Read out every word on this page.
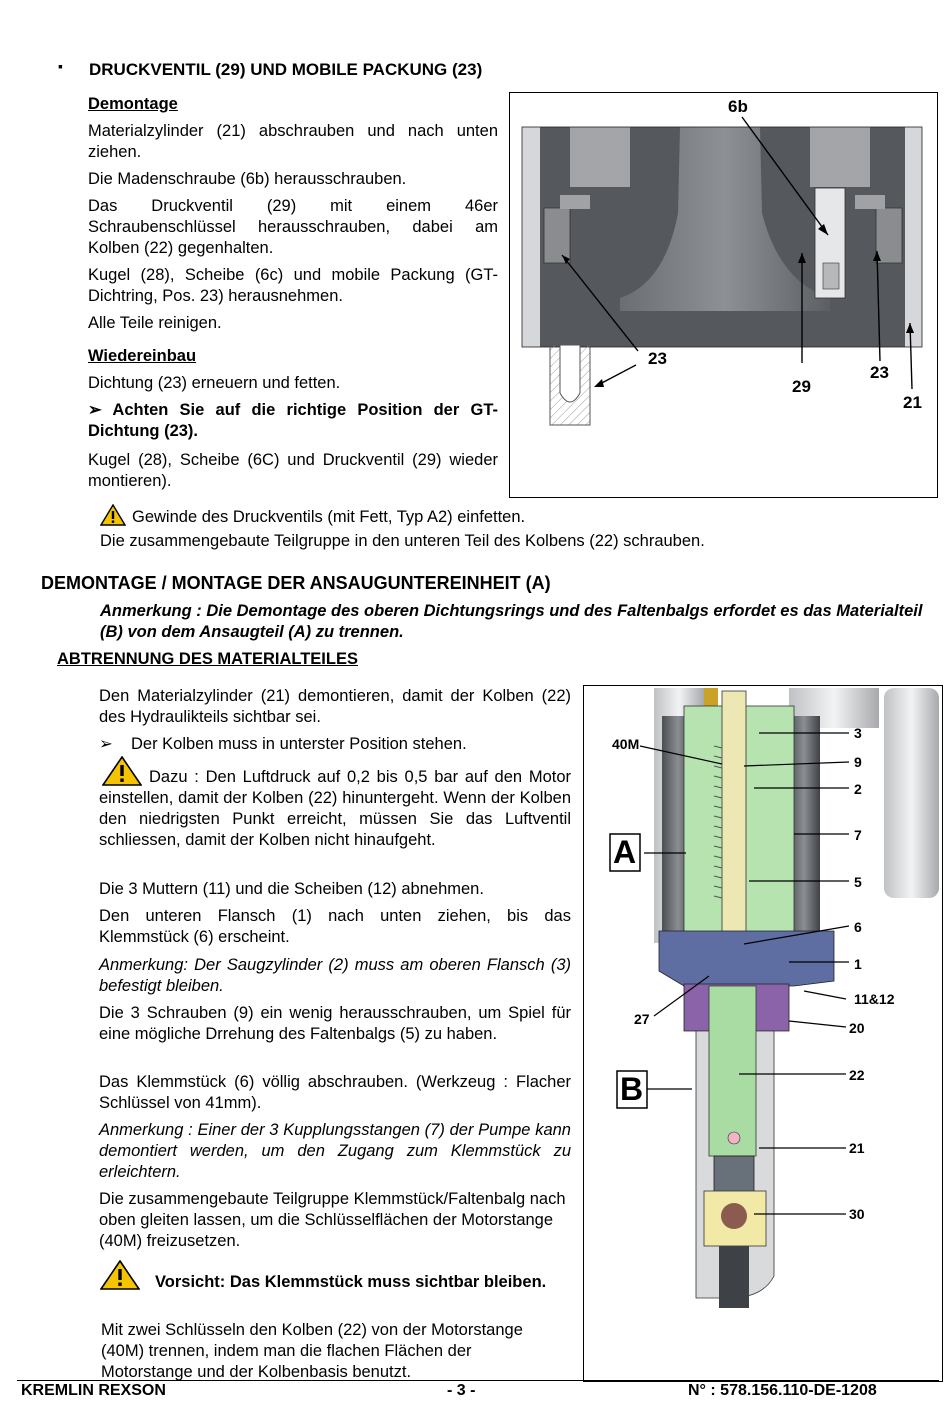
▪ DRUCKVENTIL (29) UND MOBILE PACKUNG (23)
Demontage
Materialzylinder (21) abschrauben und nach unten ziehen.
Die Madenschraube (6b) herausschrauben.
Das Druckventil (29) mit einem 46er Schraubenschlüssel herausschrauben, dabei am Kolben (22) gegenhalten.
Kugel (28), Scheibe (6c) und mobile Packung (GT-Dichtring, Pos. 23) herausnehmen.
Alle Teile reinigen.
Wiedereinbau
Dichtung (23) erneuern und fetten.
➢ Achten Sie auf die richtige Position der GT-Dichtung (23).
Kugel (28), Scheibe (6C) und Druckventil (29) wieder montieren).
Gewinde des Druckventils (mit Fett, Typ A2) einfetten.
Die zusammengebaute Teilgruppe in den unteren Teil des Kolbens (22) schrauben.
6b
23
29
23
21
DEMONTAGE / MONTAGE DER ANSAUGUNTEREINHEIT (A)
Anmerkung : Die Demontage des oberen Dichtungsrings und des Faltenbalgs erfordet es das Materialteil (B) von dem Ansaugteil (A) zu trennen.
ABTRENNUNG DES MATERIALTEILES
Den Materialzylinder (21) demontieren, damit der Kolben (22) des Hydraulikteils sichtbar sei.
➢	Der Kolben muss in unterster Position stehen.
Dazu : Den Luftdruck auf 0,2 bis 0,5 bar auf den Motor einstellen, damit der Kolben (22) hinuntergeht. Wenn der Kolben den niedrigsten Punkt erreicht, müssen Sie das Luftventil schliessen, damit der Kolben nicht hinaufgeht.
Die 3 Muttern (11) und die Scheiben (12) abnehmen.
Den unteren Flansch (1) nach unten ziehen, bis das Klemmstück (6) erscheint.
Anmerkung: Der Saugzylinder (2) muss am oberen Flansch (3) befestigt bleiben.
Die 3 Schrauben (9) ein wenig herausschrauben, um Spiel für eine mögliche Drrehung des Faltenbalgs (5) zu haben.
Das Klemmstück (6) völlig abschrauben. (Werkzeug : Flacher Schlüssel von 41mm).
Anmerkung : Einer der 3 Kupplungsstangen (7) der Pumpe kann demontiert werden, um den Zugang zum Klemmstück zu erleichtern.
Die zusammengebaute Teilgruppe Klemmstück/Faltenbalg nach oben gleiten lassen, um die Schlüsselflächen der Motorstange (40M) freizusetzen.
Vorsicht: Das Klemmstück muss sichtbar bleiben.
Mit zwei Schlüsseln den Kolben (22) von der Motorstange (40M) trennen, indem man die flachen Flächen der Motorstange und der Kolbenbasis benutzt.
40M
A
B
27
3
9
2
7
5
6
1
11&12
20
22
21
30
KREMLIN REXSON	- 3 -	N° : 578.156.110-DE-1208
